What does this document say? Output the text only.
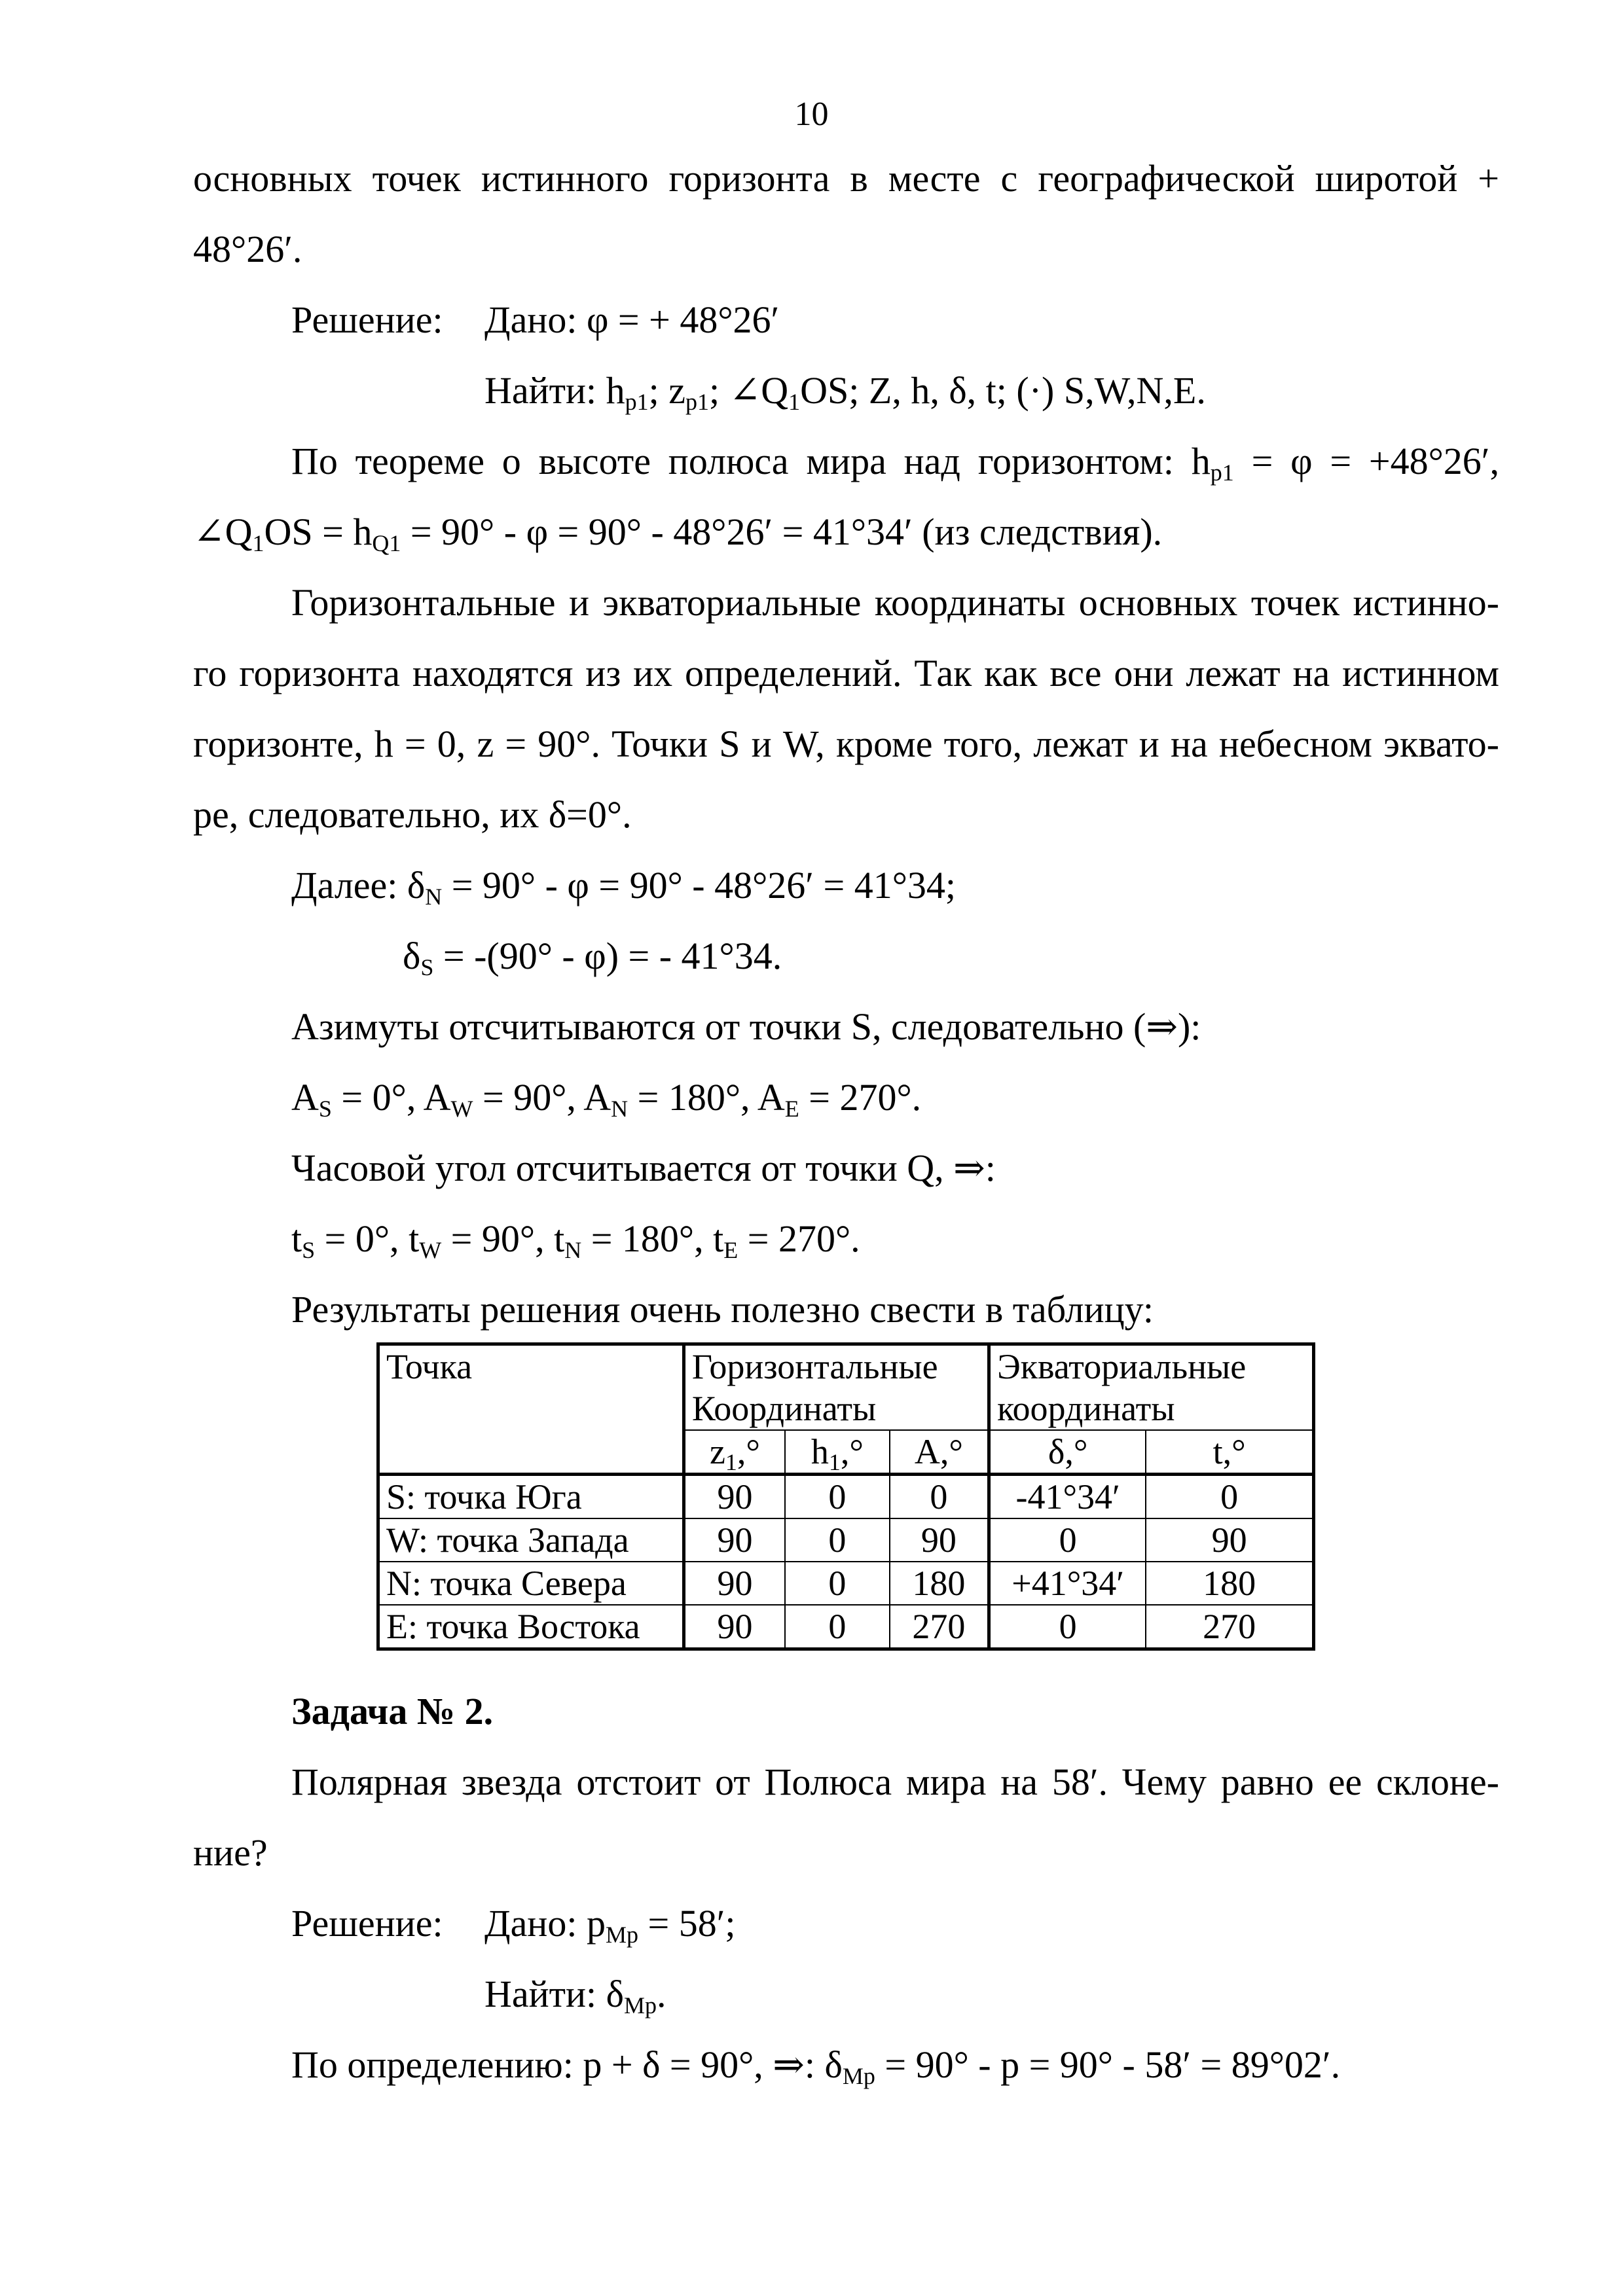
10
основных точек истинного горизонта в месте с географической широтой +
48°26′.
Решение: Дано: φ = + 48°26′
Найти: $h_{p1}$; $z_{p1}$; $\angle Q_1OS$; Z, h, δ, t; (·) S,W,N,E.
По теореме о высоте полюса мира над горизонтом: $h_{p1} = \varphi = +48^\circ 26'$,
$\angle Q_1OS = h_{Q1} = 90^\circ - \varphi = 90^\circ - 48^\circ 26' = 41^\circ 34'$ (из следствия).
Горизонтальные и экваториальные координаты основных точек истинно-
го горизонта находятся из их определений. Так как все они лежат на истинном
горизонте, h = 0, z = 90°. Точки S и W, кроме того, лежат и на небесном эквато-
ре, следовательно, их δ=0°.
Далее: $\delta_N = 90^\circ - \varphi = 90^\circ - 48^\circ 26' = 41^\circ 34$;
$\delta_S = -(90^\circ - \varphi)$ = - 41°34.
Азимуты отсчитываются от точки S, следовательно (⇒):
$A_S = 0^\circ$, $A_W = 90^\circ$, $A_N = 180^\circ$, $A_E = 270^\circ$.
Часовой угол отсчитывается от точки Q, ⇒:
$t_S = 0^\circ$, $t_W = 90^\circ$, $t_N = 180^\circ$, $t_E = 270^\circ$.
Результаты решения очень полезно свести в таблицу:
Точка	Горизонтальные Координаты			Экваториальные координаты	
	$z_1,^\circ$	$h_1,^\circ$	A,°	δ,°	t,°
S: точка Юга	90	0	0	-41°34′	0
W: точка Запада	90	0	90	0	90
N: точка Севера	90	0	180	+41°34′	180
E: точка Востока	90	0	270	0	270
Задача № 2.
Полярная звезда отстоит от Полюса мира на 58′. Чему равно ее склоне-
ние?
Решение: Дано: $p_{Mp} = 58'$;
Найти: $\delta_{Mp}$.
По определению: p + δ = 90°, ⇒: $\delta_{Mp} = 90^\circ - p = 90^\circ - 58' = 89^\circ 02'$.
